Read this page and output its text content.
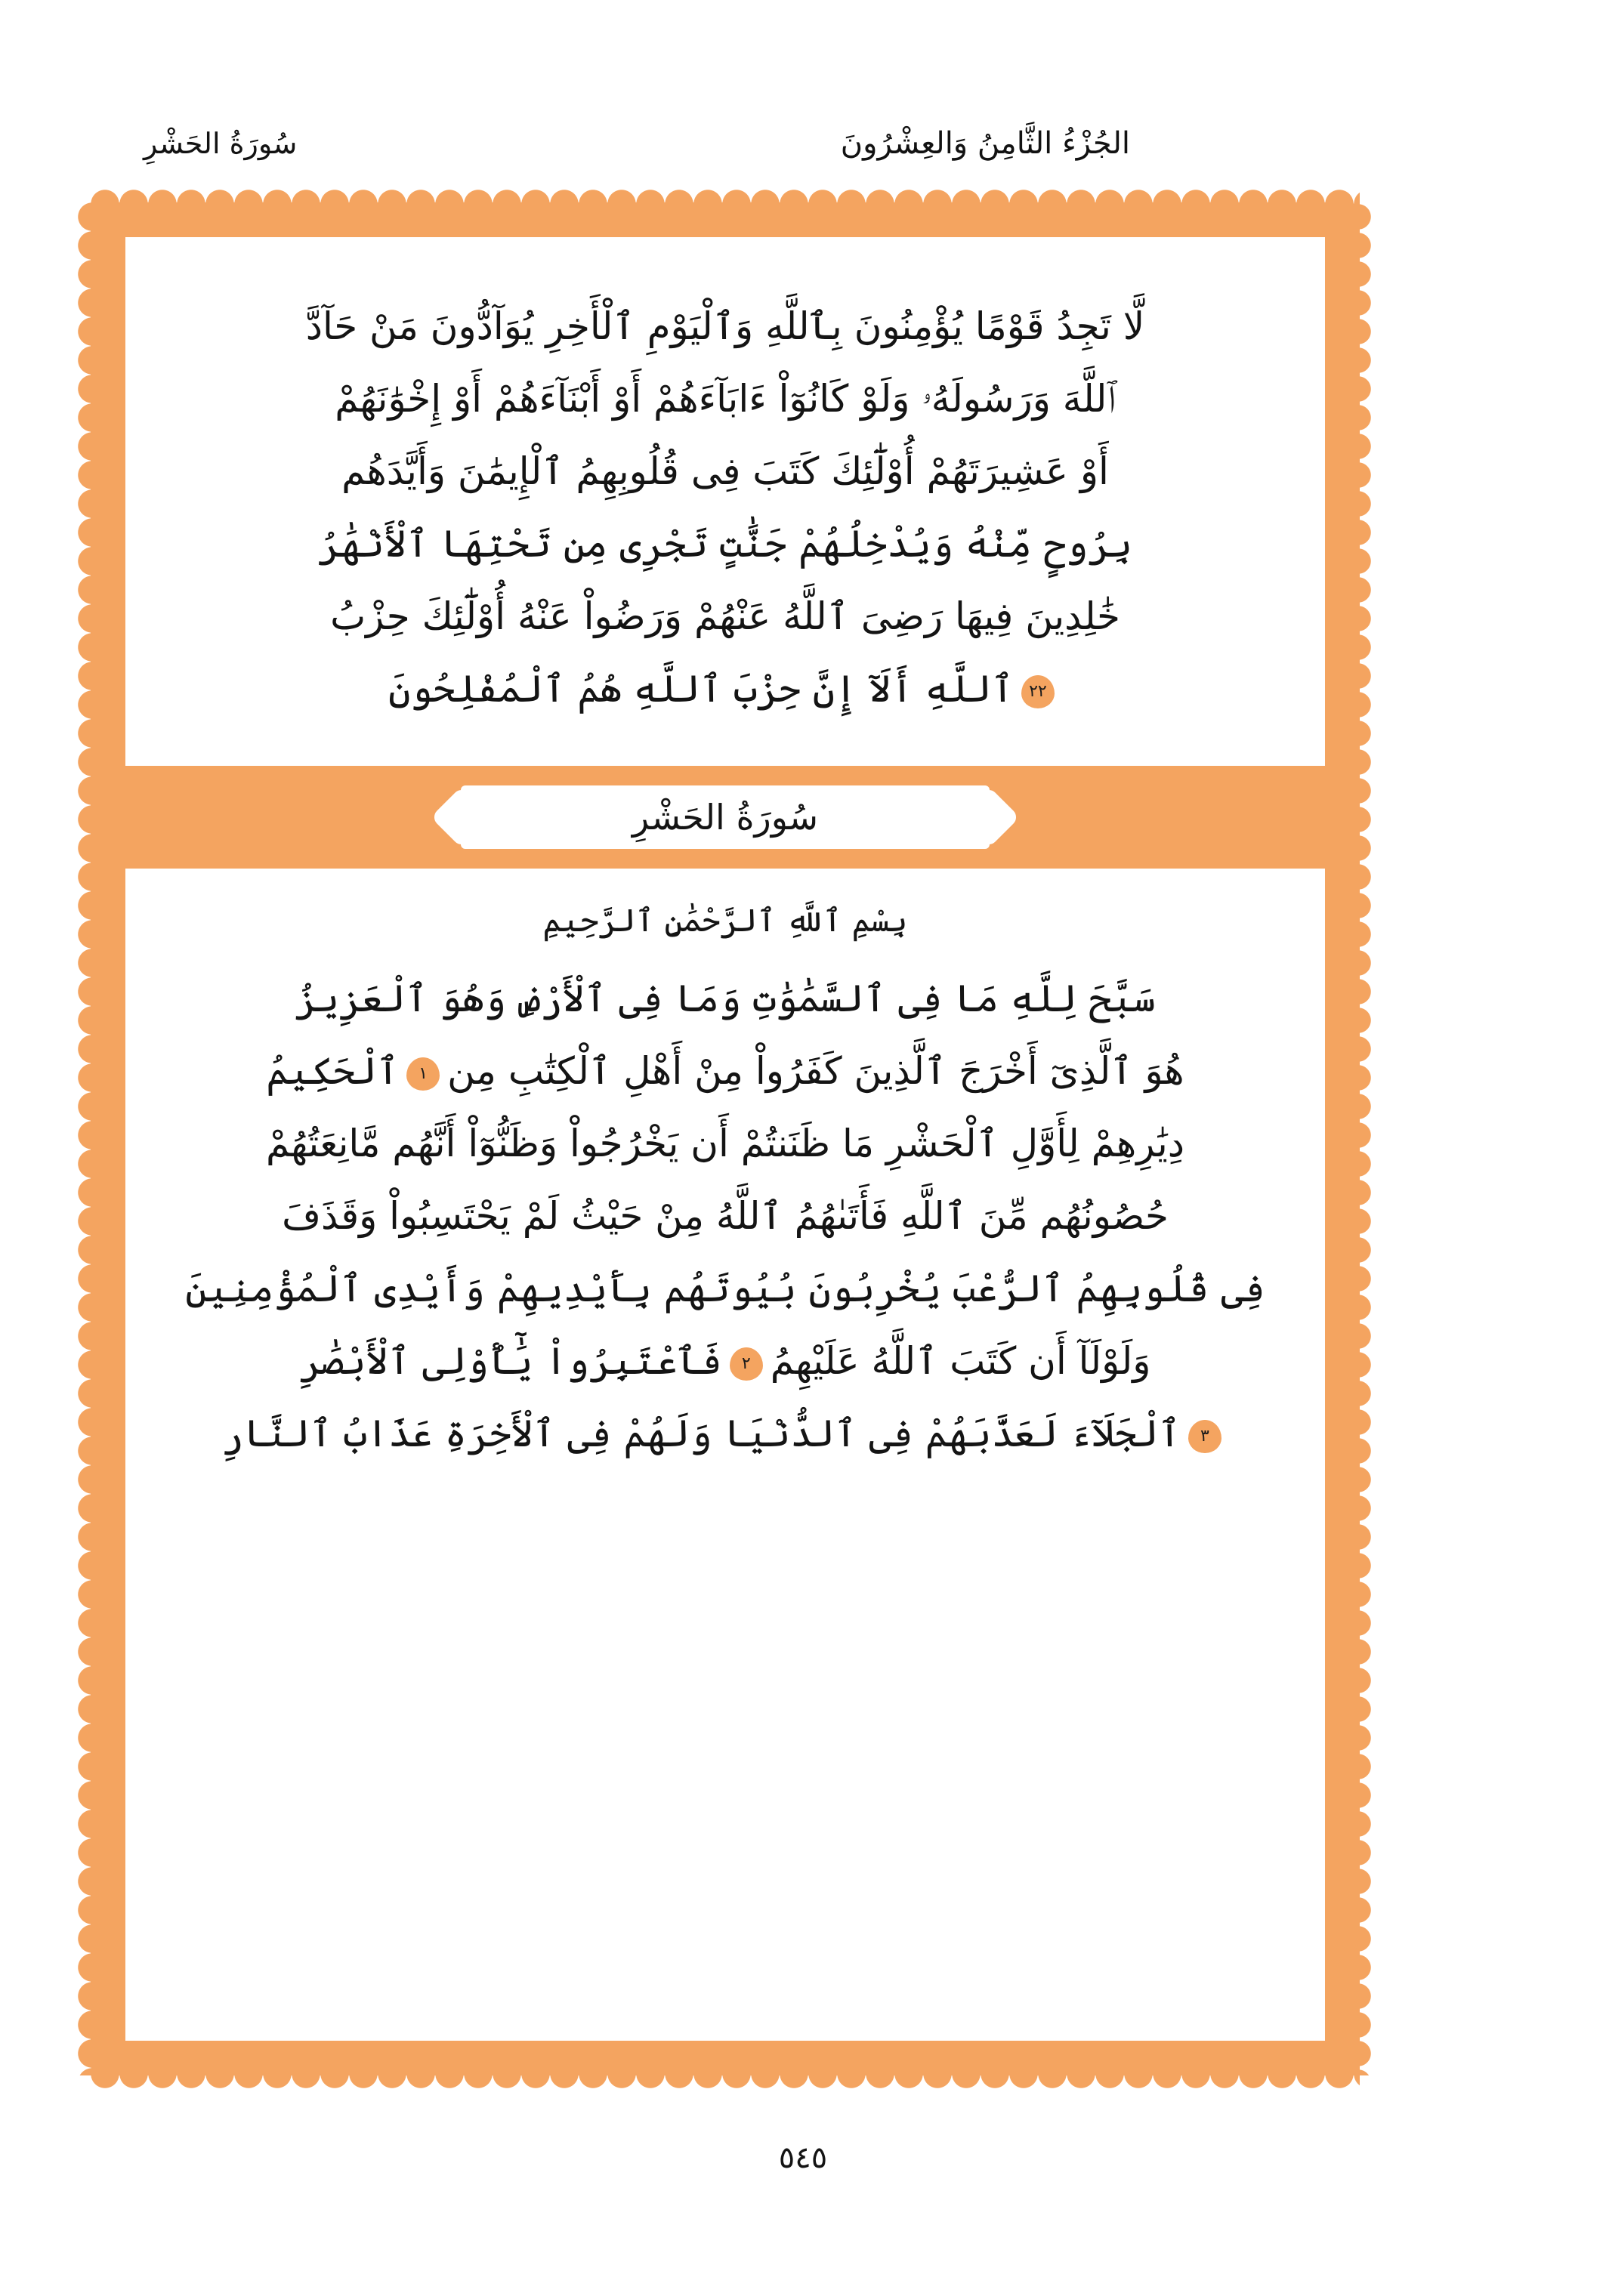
سُورَةُ الحَشْرِ	الجُزْءُ الثَّامِنُ وَالعِشْرُونَ
لَّا تَجِدُ قَوْمًا يُؤْمِنُونَ بِٱللَّهِ وَٱلْيَوْمِ ٱلْأَخِرِ يُوَآدُّونَ مَنْ حَآدَّ
ٱللَّهَ وَرَسُولَهُۥ وَلَوْ كَانُوٓاْ ءَابَآءَهُمْ أَوْ أَبْنَآءَهُمْ أَوْ إِخْوَٰنَهُمْ
أَوْ عَشِيرَتَهُمْ أُوْلَٰٓئِكَ كَتَبَ فِى قُلُوبِهِمُ ٱلْإِيمَٰنَ وَأَيَّدَهُم
بِرُوحٍ مِّنْهُ وَيُدْخِلُهُمْ جَنَّٰتٍ تَجْرِى مِن تَحْتِهَا ٱلْأَنْهَٰرُ
خَٰلِدِينَ فِيهَا رَضِىَ ٱللَّهُ عَنْهُمْ وَرَضُواْ عَنْهُ أُوْلَٰٓئِكَ حِزْبُ
٢٢
ٱللَّهِ أَلَآ إِنَّ حِزْبَ ٱللَّهِ هُمُ ٱلْمُفْلِحُونَ
سُورَةُ الحَشْرِ
بِسْمِ ٱللَّهِ ٱلرَّحْمَٰنِ ٱلرَّحِيمِ
سَبَّحَ لِلَّهِ مَا فِى ٱلسَّمَٰوَٰتِ وَمَا فِى ٱلْأَرْضِ وَهُوَ ٱلْعَزِيزُ
هُوَ ٱلَّذِىٓ أَخْرَجَ ٱلَّذِينَ كَفَرُواْ مِنْ أَهْلِ ٱلْكِتَٰبِ مِن
١
ٱلْحَكِيمُ
دِيَٰرِهِمْ لِأَوَّلِ ٱلْحَشْرِ مَا ظَنَنتُمْ أَن يَخْرُجُواْ وَظَنُّوٓاْ أَنَّهُم مَّانِعَتُهُمْ
حُصُونُهُم مِّنَ ٱللَّهِ فَأَتَىٰهُمُ ٱللَّهُ مِنْ حَيْثُ لَمْ يَحْتَسِبُواْ وَقَذَفَ
فِى قُلُوبِهِمُ ٱلرُّعْبَ يُخْرِبُونَ بُيُوتَهُم بِأَيْدِيهِمْ وَأَيْدِى ٱلْمُؤْمِنِينَ
وَلَوْلَآ أَن كَتَبَ ٱللَّهُ عَلَيْهِمُ
٢
فَٱعْتَبِرُواْ يَٰٓأُوْلِى ٱلْأَبْصَٰرِ
٣
ٱلْجَلَآءَ لَعَذَّبَهُمْ فِى ٱلدُّنْيَا وَلَهُمْ فِى ٱلْأَخِرَةِ عَذَابُ ٱلنَّارِ
٥٤٥
